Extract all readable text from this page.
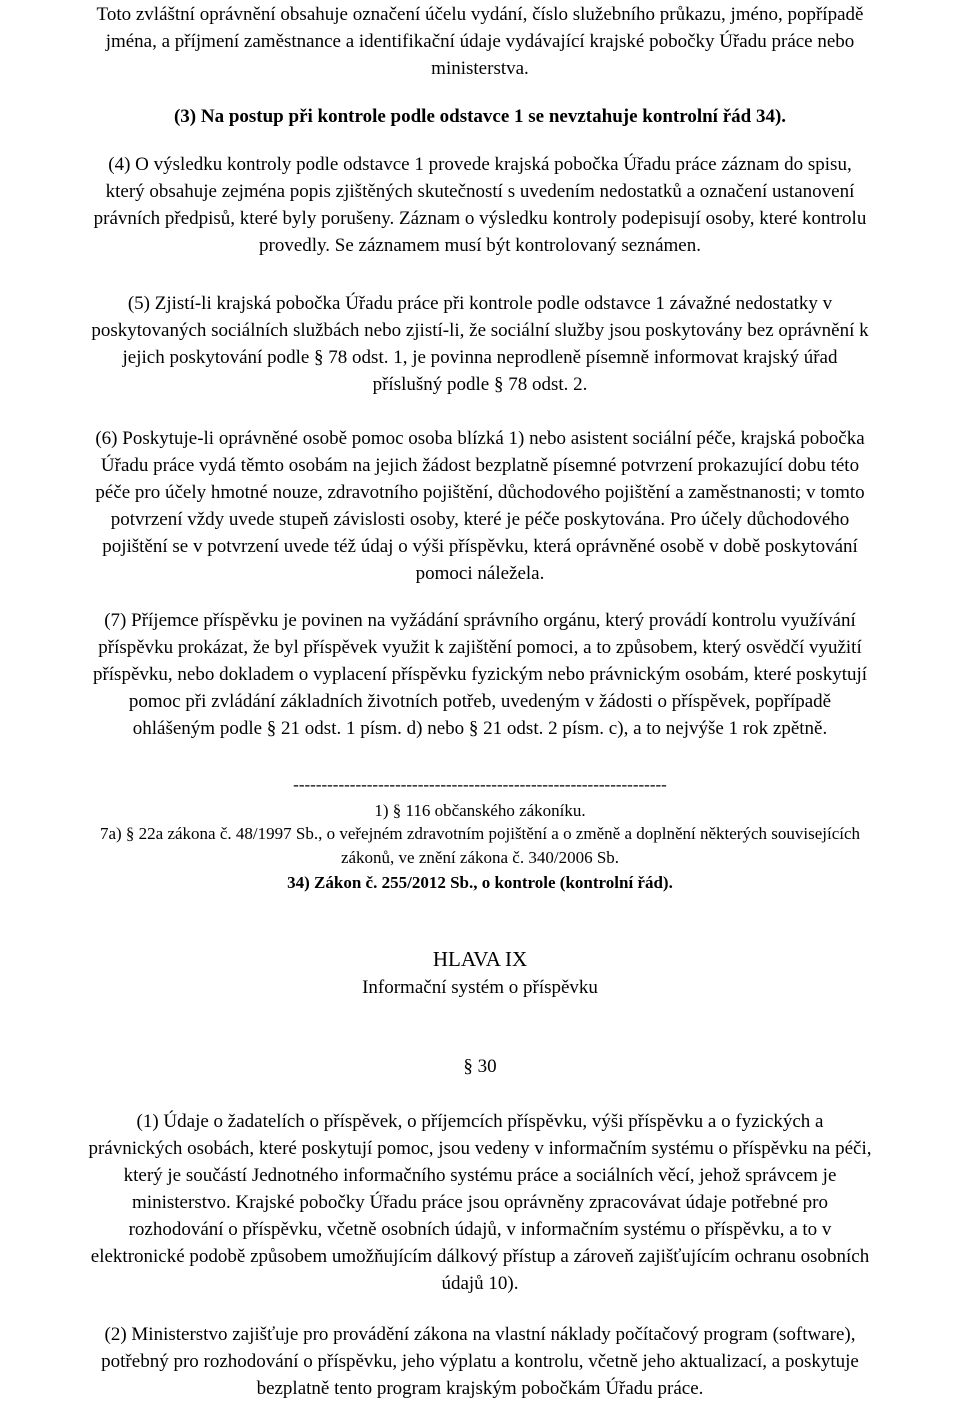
Toto zvláštní oprávnění obsahuje označení účelu vydání, číslo služebního průkazu, jméno, popřípadě
jména, a příjmení zaměstnance a identifikační údaje vydávající krajské pobočky Úřadu práce nebo
ministerstva.
(3) Na postup při kontrole podle odstavce 1 se nevztahuje kontrolní řád 34).
(4) O výsledku kontroly podle odstavce 1 provede krajská pobočka Úřadu práce záznam do spisu,
který obsahuje zejména popis zjištěných skutečností s uvedením nedostatků a označení ustanovení
právních předpisů, které byly porušeny. Záznam o výsledku kontroly podepisují osoby, které kontrolu
provedly. Se záznamem musí být kontrolovaný seznámen.
(5) Zjistí-li krajská pobočka Úřadu práce při kontrole podle odstavce 1 závažné nedostatky v
poskytovaných sociálních službách nebo zjistí-li, že sociální služby jsou poskytovány bez oprávnění k
jejich poskytování podle § 78 odst. 1, je povinna neprodleně písemně informovat krajský úřad
příslušný podle § 78 odst. 2.
(6) Poskytuje-li oprávněné osobě pomoc osoba blízká 1) nebo asistent sociální péče, krajská pobočka
Úřadu práce vydá těmto osobám na jejich žádost bezplatně písemné potvrzení prokazující dobu této
péče pro účely hmotné nouze, zdravotního pojištění, důchodového pojištění a zaměstnanosti; v tomto
potvrzení vždy uvede stupeň závislosti osoby, které je péče poskytována. Pro účely důchodového
pojištění se v potvrzení uvede též údaj o výši příspěvku, která oprávněné osobě v době poskytování
pomoci náležela.
(7) Příjemce příspěvku je povinen na vyžádání správního orgánu, který provádí kontrolu využívání
příspěvku prokázat, že byl příspěvek využit k zajištění pomoci, a to způsobem, který osvědčí využití
příspěvku, nebo dokladem o vyplacení příspěvku fyzickým nebo právnickým osobám, které poskytují
pomoc při zvládání základních životních potřeb, uvedeným v žádosti o příspěvek, popřípadě
ohlášeným podle § 21 odst. 1 písm. d) nebo § 21 odst. 2 písm. c), a to nejvýše 1 rok zpětně.
------------------------------------------------------------------
1) § 116 občanského zákoníku.
7a) § 22a zákona č. 48/1997 Sb., o veřejném zdravotním pojištění a o změně a doplnění některých souvisejících
zákonů, ve znění zákona č. 340/2006 Sb.
34) Zákon č. 255/2012 Sb., o kontrole (kontrolní řád).
HLAVA IX
Informační systém o příspěvku
§ 30
(1) Údaje o žadatelích o příspěvek, o příjemcích příspěvku, výši příspěvku a o fyzických a
právnických osobách, které poskytují pomoc, jsou vedeny v informačním systému o příspěvku na péči,
který je součástí Jednotného informačního systému práce a sociálních věcí, jehož správcem je
ministerstvo. Krajské pobočky Úřadu práce jsou oprávněny zpracovávat údaje potřebné pro
rozhodování o příspěvku, včetně osobních údajů, v informačním systému o příspěvku, a to v
elektronické podobě způsobem umožňujícím dálkový přístup a zároveň zajišťujícím ochranu osobních
údajů 10).
(2) Ministerstvo zajišťuje pro provádění zákona na vlastní náklady počítačový program (software),
potřebný pro rozhodování o příspěvku, jeho výplatu a kontrolu, včetně jeho aktualizací, a poskytuje
bezplatně tento program krajským pobočkám Úřadu práce.
